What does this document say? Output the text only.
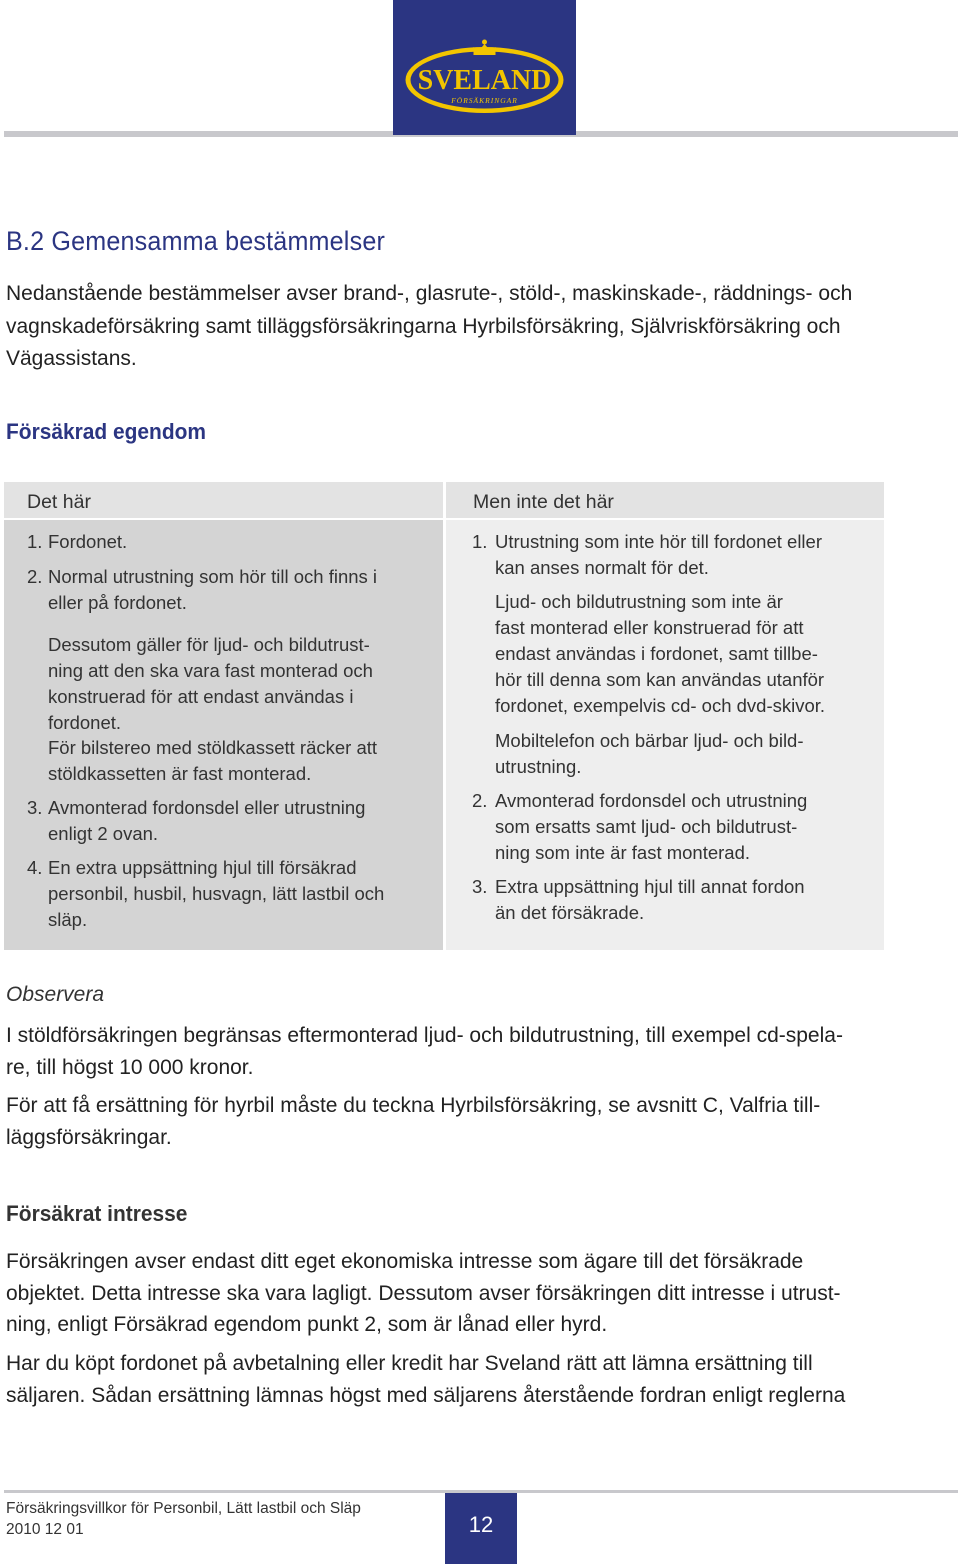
SVELAND
FÖRSÄKRINGAR
B.2 Gemensamma bestämmelser
Nedanstående bestämmelser avser brand-, glasrute-, stöld-, maskinskade-, räddnings- och vagnskadeförsäkring samt tilläggsförsäkringarna Hyrbilsförsäkring, Självriskförsäkring och Vägassistans.
Försäkrad egendom
Det här
1. Fordonet.

2. Normal utrustning som hör till och finns i
eller på fordonet.

Dessutom gäller för ljud- och bildutrust-
ning att den ska vara fast monterad och
konstruerad för att endast användas i
fordonet.

För bilstereo med stöldkassett räcker att
stöldkassetten är fast monterad.

3. Avmonterad fordonsdel eller utrustning
enligt 2 ovan.

4. En extra uppsättning hjul till försäkrad
personbil, husbil, husvagn, lätt lastbil och
släp.

Men inte det här
1. Utrustning som inte hör till fordonet eller
kan anses normalt för det.

Ljud- och bildutrustning som inte är
fast monterad eller konstruerad för att
endast användas i fordonet, samt tillbe-
hör till denna som kan användas utanför
fordonet, exempelvis cd- och dvd-skivor.

Mobiltelefon och bärbar ljud- och bild-
utrustning.

2. Avmonterad fordonsdel och utrustning
som ersatts samt ljud- och bildutrust-
ning som inte är fast monterad.

3. Extra uppsättning hjul till annat fordon
än det försäkrade.

Observera
I stöldförsäkringen begränsas eftermonterad ljud- och bildutrustning, till exempel cd-spela-
re, till högst 10 000 kronor.
För att få ersättning för hyrbil måste du teckna Hyrbilsförsäkring, se avsnitt C, Valfria till-
läggsförsäkringar.
Försäkrat intresse
Försäkringen avser endast ditt eget ekonomiska intresse som ägare till det försäkrade
objektet. Detta intresse ska vara lagligt. Dessutom avser försäkringen ditt intresse i utrust-
ning, enligt Försäkrad egendom punkt 2, som är lånad eller hyrd.
Har du köpt fordonet på avbetalning eller kredit har Sveland rätt att lämna ersättning till
säljaren. Sådan ersättning lämnas högst med säljarens återstående fordran enligt reglerna
Försäkringsvillkor för Personbil, Lätt lastbil och Släp
2010 12 01	12
